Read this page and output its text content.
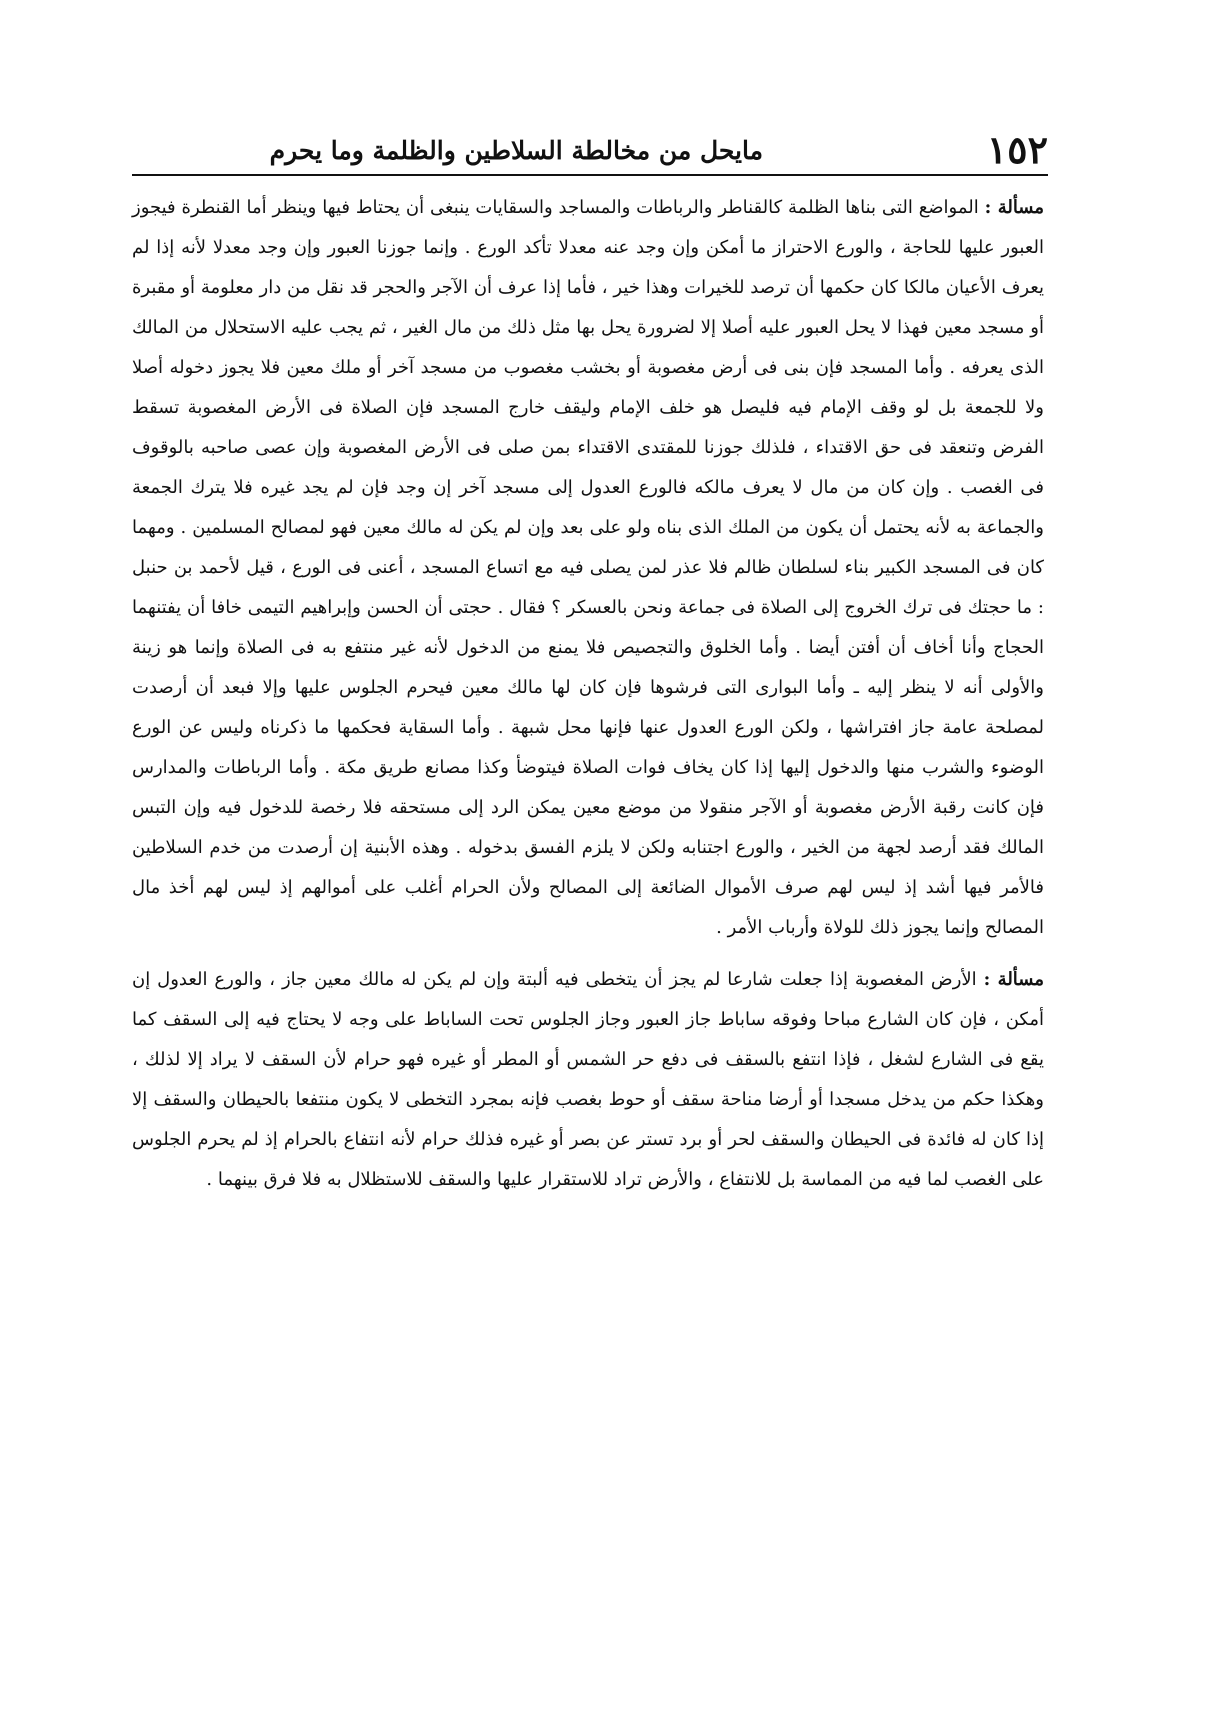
١٥٢
مايحل من مخالطة السلاطين والظلمة وما يحرم

مسألة : المواضع التى بناها الظلمة كالقناطر والرباطات والمساجد والسقايات ينبغى أن يحتاط فيها وينظر أما القنطرة فيجوز العبور عليها للحاجة ، والورع الاحتراز ما أمكن وإن وجد عنه معدلا تأكد الورع . وإنما جوزنا العبور وإن وجد معدلا لأنه إذا لم يعرف الأعيان مالكا كان حكمها أن ترصد للخيرات وهذا خير ، فأما إذا عرف أن الآجر والحجر قد نقل من دار معلومة أو مقبرة أو مسجد معين فهذا لا يحل العبور عليه أصلا إلا لضرورة يحل بها مثل ذلك من مال الغير ، ثم يجب عليه الاستحلال من المالك الذى يعرفه . وأما المسجد فإن بنى فى أرض مغصوبة أو بخشب مغصوب من مسجد آخر أو ملك معين فلا يجوز دخوله أصلا ولا للجمعة بل لو وقف الإمام فيه فليصل هو خلف الإمام وليقف خارج المسجد فإن الصلاة فى الأرض المغصوبة تسقط الفرض وتنعقد فى حق الاقتداء ، فلذلك جوزنا للمقتدى الاقتداء بمن صلى فى الأرض المغصوبة وإن عصى صاحبه بالوقوف فى الغصب . وإن كان من مال لا يعرف مالكه فالورع العدول إلى مسجد آخر إن وجد فإن لم يجد غيره فلا يترك الجمعة والجماعة به لأنه يحتمل أن يكون من الملك الذى بناه ولو على بعد وإن لم يكن له مالك معين فهو لمصالح المسلمين . ومهما كان فى المسجد الكبير بناء لسلطان ظالم فلا عذر لمن يصلى فيه مع اتساع المسجد ، أعنى فى الورع ، قيل لأحمد بن حنبل : ما حجتك فى ترك الخروج إلى الصلاة فى جماعة ونحن بالعسكر ؟ فقال . حجتى أن الحسن وإبراهيم التيمى خافا أن يفتنهما الحجاج وأنا أخاف أن أفتن أيضا . وأما الخلوق والتجصيص فلا يمنع من الدخول لأنه غير منتفع به فى الصلاة وإنما هو زينة والأولى أنه لا ينظر إليه ـ وأما البوارى التى فرشوها فإن كان لها مالك معين فيحرم الجلوس عليها وإلا فبعد أن أرصدت لمصلحة عامة جاز افتراشها ، ولكن الورع العدول عنها فإنها محل شبهة . وأما السقاية فحكمها ما ذكرناه وليس عن الورع الوضوء والشرب منها والدخول إليها إذا كان يخاف فوات الصلاة فيتوضأ وكذا مصانع طريق مكة . وأما الرباطات والمدارس فإن كانت رقبة الأرض مغصوبة أو الآجر منقولا من موضع معين يمكن الرد إلى مستحقه فلا رخصة للدخول فيه وإن التبس المالك فقد أرصد لجهة من الخير ، والورع اجتنابه ولكن لا يلزم الفسق بدخوله . وهذه الأبنية إن أرصدت من خدم السلاطين فالأمر فيها أشد إذ ليس لهم صرف الأموال الضائعة إلى المصالح ولأن الحرام أغلب على أموالهم إذ ليس لهم أخذ مال المصالح وإنما يجوز ذلك للولاة وأرباب الأمر .

مسألة : الأرض المغصوبة إذا جعلت شارعا لم يجز أن يتخطى فيه ألبتة وإن لم يكن له مالك معين جاز ، والورع العدول إن أمكن ، فإن كان الشارع مباحا وفوقه ساباط جاز العبور وجاز الجلوس تحت الساباط على وجه لا يحتاج فيه إلى السقف كما يقع فى الشارع لشغل ، فإذا انتفع بالسقف فى دفع حر الشمس أو المطر أو غيره فهو حرام لأن السقف لا يراد إلا لذلك ، وهكذا حكم من يدخل مسجدا أو أرضا مناحة سقف أو حوط بغصب فإنه بمجرد التخطى لا يكون منتفعا بالحيطان والسقف إلا إذا كان له فائدة فى الحيطان والسقف لحر أو برد تستر عن بصر أو غيره فذلك حرام لأنه انتفاع بالحرام إذ لم يحرم الجلوس على الغصب لما فيه من المماسة بل للانتفاع ، والأرض تراد للاستقرار عليها والسقف للاستظلال به فلا فرق بينهما .
